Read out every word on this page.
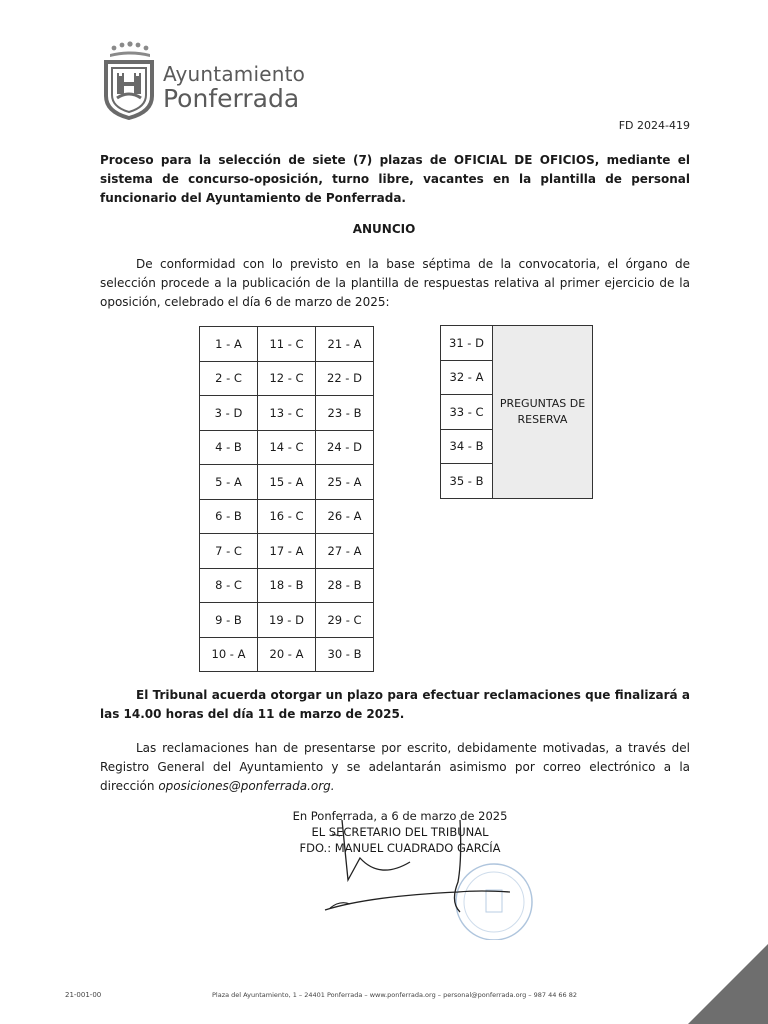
Ayuntamiento
Ponferrada
FD 2024-419
Proceso para la selección de siete (7) plazas de OFICIAL DE OFICIOS, mediante el sistema de concurso-oposición, turno libre, vacantes en la plantilla de personal funcionario del Ayuntamiento de Ponferrada.
ANUNCIO
De conformidad con lo previsto en la base séptima de la convocatoria, el órgano de selección procede a la publicación de la plantilla de respuestas relativa al primer ejercicio de la oposición, celebrado el día 6 de marzo de 2025:
1 - A	11 - C	21 - A
2 - C	12 - C	22 - D
3 - D	13 - C	23 - B
4 - B	14 - C	24 - D
5 - A	15 - A	25 - A
6 - B	16 - C	26 - A
7 - C	17 - A	27 - A
8 - C	18 - B	28 - B
9 - B	19 - D	29 - C
10 - A	20 - A	30 - B
31 - D	PREGUNTAS DE
RESERVA
32 - A
33 - C
34 - B
35 - B
El Tribunal acuerda otorgar un plazo para efectuar reclamaciones que finalizará a las 14.00 horas del día 11 de marzo de 2025.
Las reclamaciones han de presentarse por escrito, debidamente motivadas, a través del Registro General del Ayuntamiento y se adelantarán asimismo por correo electrónico a la dirección oposiciones@ponferrada.org.
En Ponferrada, a 6 de marzo de 2025
EL SECRETARIO DEL TRIBUNAL
FDO.: MANUEL CUADRADO GARCÍA
21-001-00	Plaza del Ayuntamiento, 1 – 24401 Ponferrada – www.ponferrada.org – personal@ponferrada.org – 987 44 66 82
